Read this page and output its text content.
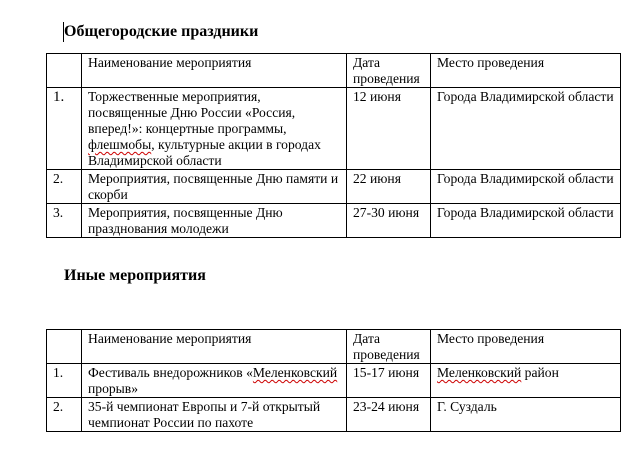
Общегородские праздники
	Наименование мероприятия	Дата проведения	Место проведения
1.	Торжественные мероприятия, посвященные Дню России «Россия, вперед!»: концертные программы, флешмобы, культурные акции в городах Владимирской области	12 июня	Города Владимирской области
2.	Мероприятия, посвященные Дню памяти и скорби	22 июня	Города Владимирской области
3.	Мероприятия, посвященные Дню празднования молодежи	27-30 июня	Города Владимирской области
Иные мероприятия
	Наименование мероприятия	Дата проведения	Место проведения
1.	Фестиваль внедорожников «Меленковский прорыв»	15-17 июня	Меленковский район
2.	35-й чемпионат Европы и 7-й открытый чемпионат России по пахоте	23-24 июня	Г. Суздаль
